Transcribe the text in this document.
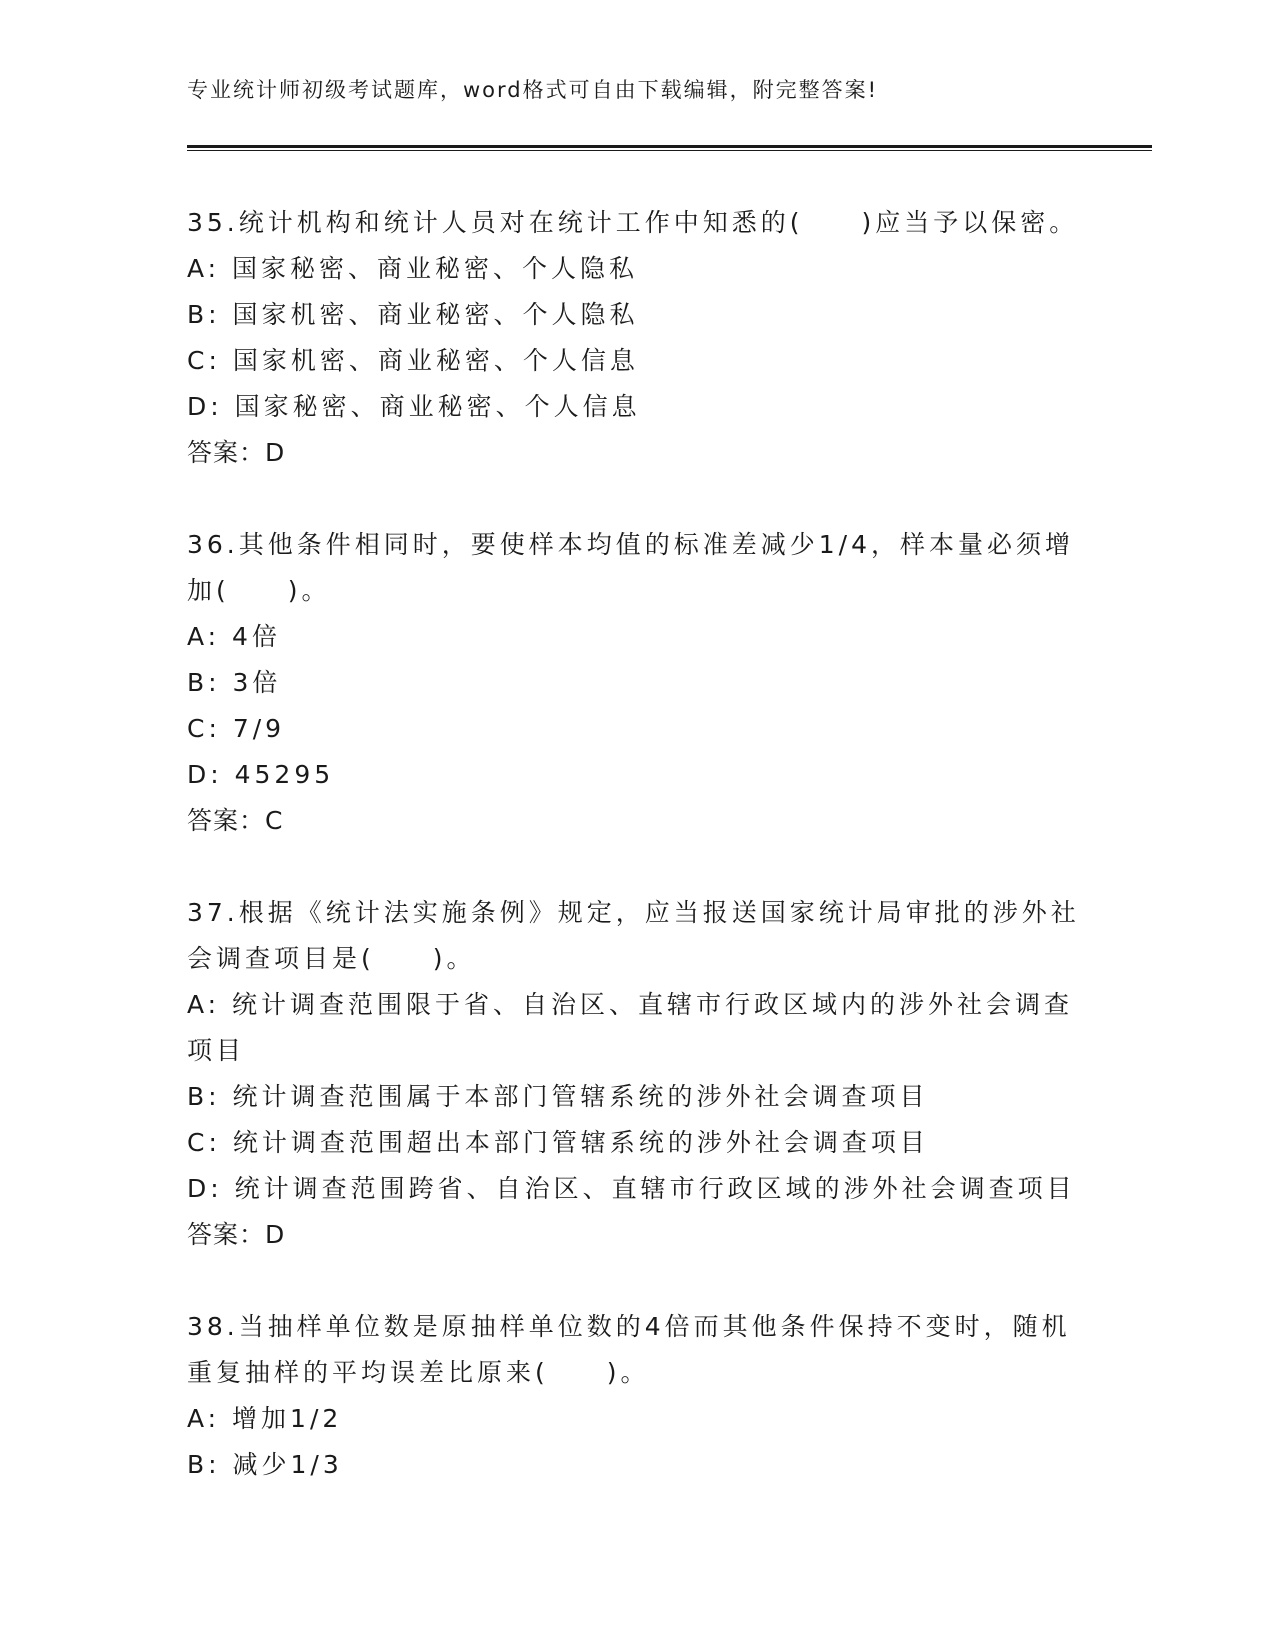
专业统计师初级考试题库，word格式可自由下载编辑，附完整答案!
35.统计机构和统计人员对在统计工作中知悉的(　　)应当予以保密。
A: 国家秘密、商业秘密、个人隐私
B: 国家机密、商业秘密、个人隐私
C: 国家机密、商业秘密、个人信息
D: 国家秘密、商业秘密、个人信息
答案：D
36.其他条件相同时，要使样本均值的标准差减少1/4，样本量必须增
加(　　)。
A: 4倍
B: 3倍
C: 7/9
D: 45295
答案：C
37.根据《统计法实施条例》规定，应当报送国家统计局审批的涉外社
会调查项目是(　　)。
A: 统计调查范围限于省、自治区、直辖市行政区域内的涉外社会调查
项目
B: 统计调查范围属于本部门管辖系统的涉外社会调查项目
C: 统计调查范围超出本部门管辖系统的涉外社会调查项目
D: 统计调查范围跨省、自治区、直辖市行政区域的涉外社会调查项目
答案：D
38.当抽样单位数是原抽样单位数的4倍而其他条件保持不变时，随机
重复抽样的平均误差比原来(　　)。
A: 增加1/2
B: 减少1/3
